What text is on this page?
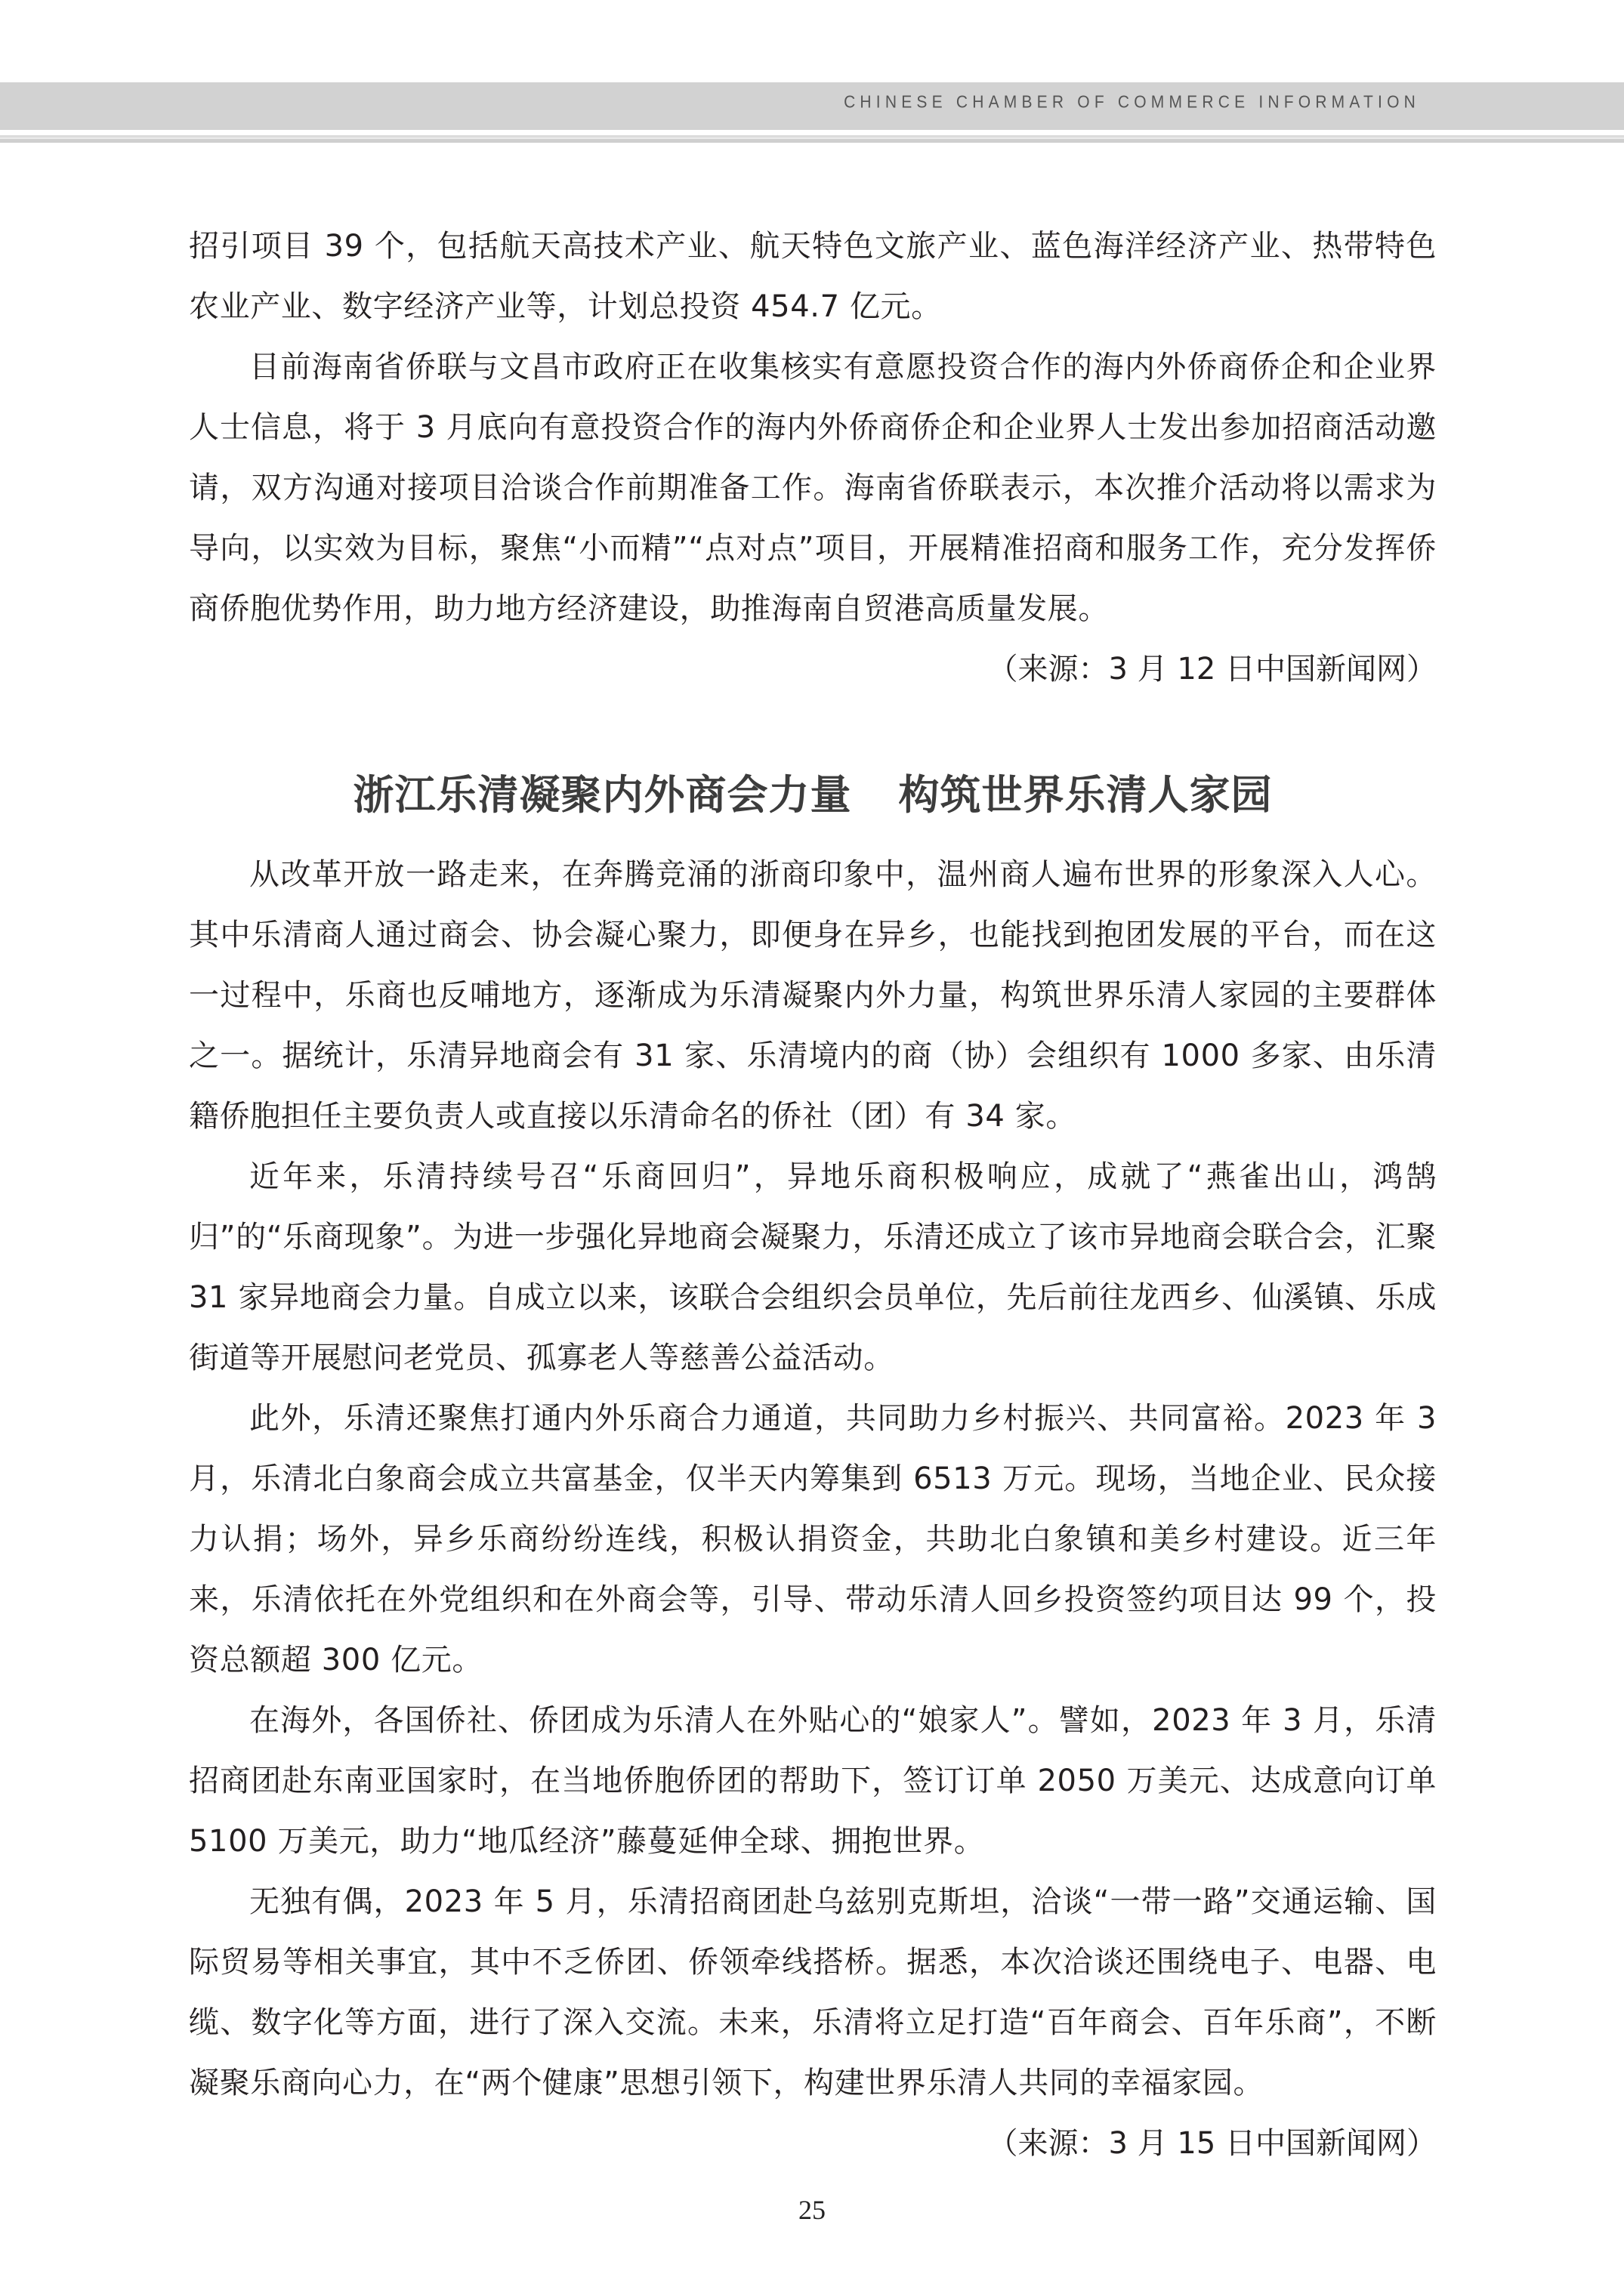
CHINESE CHAMBER OF COMMERCE INFORMATION

招引项目 39 个，包括航天高技术产业、航天特色文旅产业、蓝色海洋经济产业、热带特色农业产业、数字经济产业等，计划总投资 454.7 亿元。

目前海南省侨联与文昌市政府正在收集核实有意愿投资合作的海内外侨商侨企和企业界人士信息，将于 3 月底向有意投资合作的海内外侨商侨企和企业界人士发出参加招商活动邀请，双方沟通对接项目洽谈合作前期准备工作。海南省侨联表示，本次推介活动将以需求为导向，以实效为目标，聚焦“小而精”“点对点”项目，开展精准招商和服务工作，充分发挥侨商侨胞优势作用，助力地方经济建设，助推海南自贸港高质量发展。

（来源：3 月 12 日中国新闻网）

浙江乐清凝聚内外商会力量 构筑世界乐清人家园

从改革开放一路走来，在奔腾竞涌的浙商印象中，温州商人遍布世界的形象深入人心。其中乐清商人通过商会、协会凝心聚力，即便身在异乡，也能找到抱团发展的平台，而在这一过程中，乐商也反哺地方，逐渐成为乐清凝聚内外力量，构筑世界乐清人家园的主要群体之一。据统计，乐清异地商会有 31 家、乐清境内的商（协）会组织有 1000 多家、由乐清籍侨胞担任主要负责人或直接以乐清命名的侨社（团）有 34 家。

近年来，乐清持续号召“乐商回归”，异地乐商积极响应，成就了“燕雀出山，鸿鹄归”的“乐商现象”。为进一步强化异地商会凝聚力，乐清还成立了该市异地商会联合会，汇聚 31 家异地商会力量。自成立以来，该联合会组织会员单位，先后前往龙西乡、仙溪镇、乐成街道等开展慰问老党员、孤寡老人等慈善公益活动。

此外，乐清还聚焦打通内外乐商合力通道，共同助力乡村振兴、共同富裕。2023 年 3 月，乐清北白象商会成立共富基金，仅半天内筹集到 6513 万元。现场，当地企业、民众接力认捐；场外，异乡乐商纷纷连线，积极认捐资金，共助北白象镇和美乡村建设。近三年来，乐清依托在外党组织和在外商会等，引导、带动乐清人回乡投资签约项目达 99 个，投资总额超 300 亿元。

在海外，各国侨社、侨团成为乐清人在外贴心的“娘家人”。譬如，2023 年 3 月，乐清招商团赴东南亚国家时，在当地侨胞侨团的帮助下，签订订单 2050 万美元、达成意向订单 5100 万美元，助力“地瓜经济”藤蔓延伸全球、拥抱世界。

无独有偶，2023 年 5 月，乐清招商团赴乌兹别克斯坦，洽谈“一带一路”交通运输、国际贸易等相关事宜，其中不乏侨团、侨领牵线搭桥。据悉，本次洽谈还围绕电子、电器、电缆、数字化等方面，进行了深入交流。未来，乐清将立足打造“百年商会、百年乐商”，不断凝聚乐商向心力，在“两个健康”思想引领下，构建世界乐清人共同的幸福家园。

（来源：3 月 15 日中国新闻网）

25
